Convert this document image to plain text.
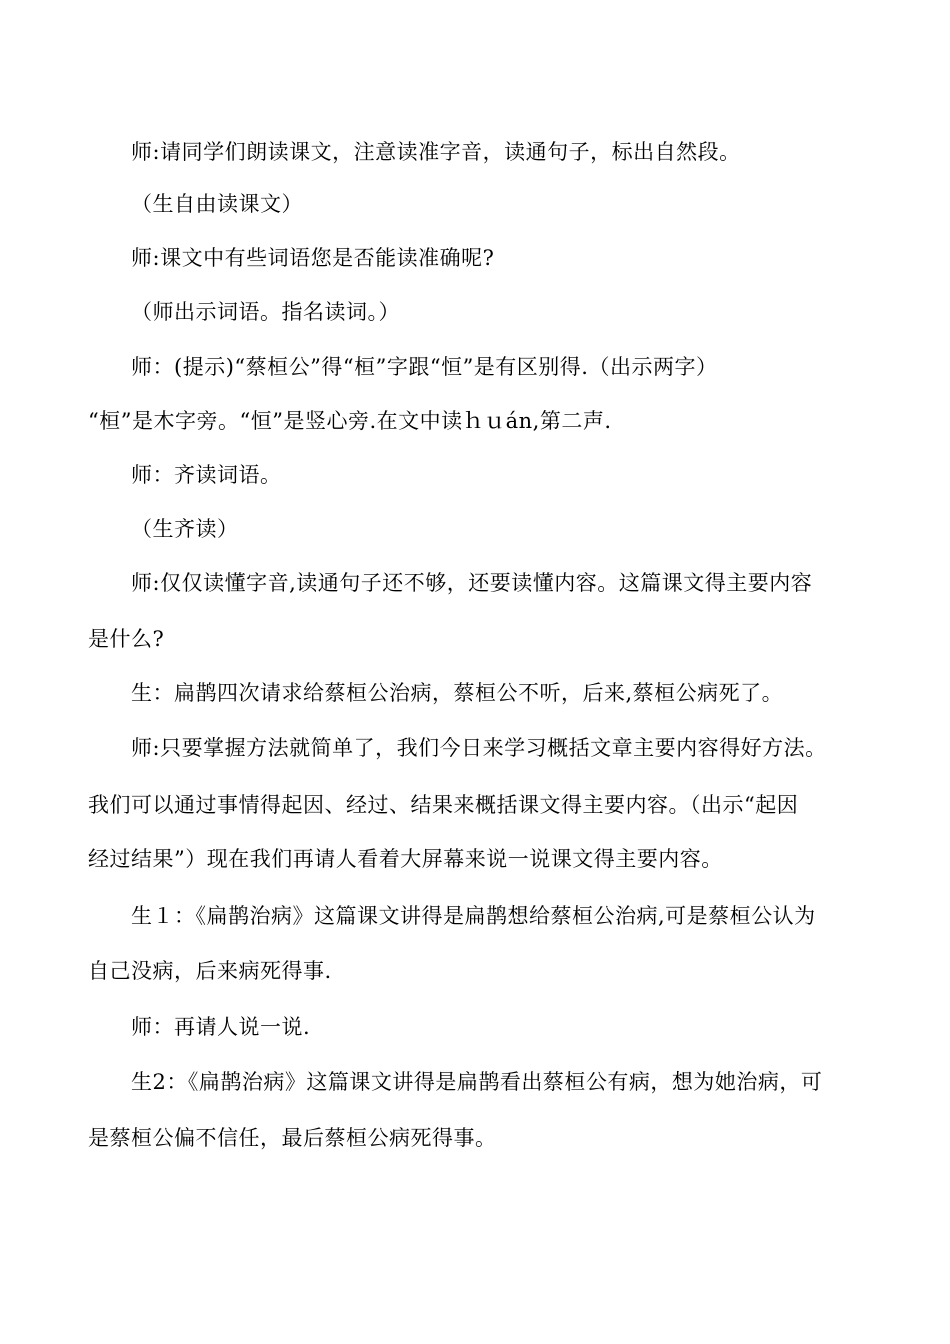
师:请同学们朗读课文，注意读准字音，读通句子，标出自然段。
（生自由读课文）
师:课文中有些词语您是否能读准确呢?
（师出示词语。指名读词。）
师：(提示)“蔡桓公”得“桓”字跟“恒”是有区别得.（出示两字）
“桓”是木字旁。“恒”是竖心旁.在文中读ｈｕán,第二声.
师：齐读词语。
（生齐读）
师:仅仅读懂字音,读通句子还不够，还要读懂内容。这篇课文得主要内容
是什么?
生：扁鹊四次请求给蔡桓公治病，蔡桓公不听，后来,蔡桓公病死了。
师:只要掌握方法就简单了，我们今日来学习概括文章主要内容得好方法。
我们可以通过事情得起因、经过、结果来概括课文得主要内容。（出示“起因
经过结果”）现在我们再请人看着大屏幕来说一说课文得主要内容。
生１：《扁鹊治病》这篇课文讲得是扁鹊想给蔡桓公治病,可是蔡桓公认为
自己没病，后来病死得事.
师：再请人说一说.
生2：《扁鹊治病》这篇课文讲得是扁鹊看出蔡桓公有病，想为她治病，可
是蔡桓公偏不信任，最后蔡桓公病死得事。
